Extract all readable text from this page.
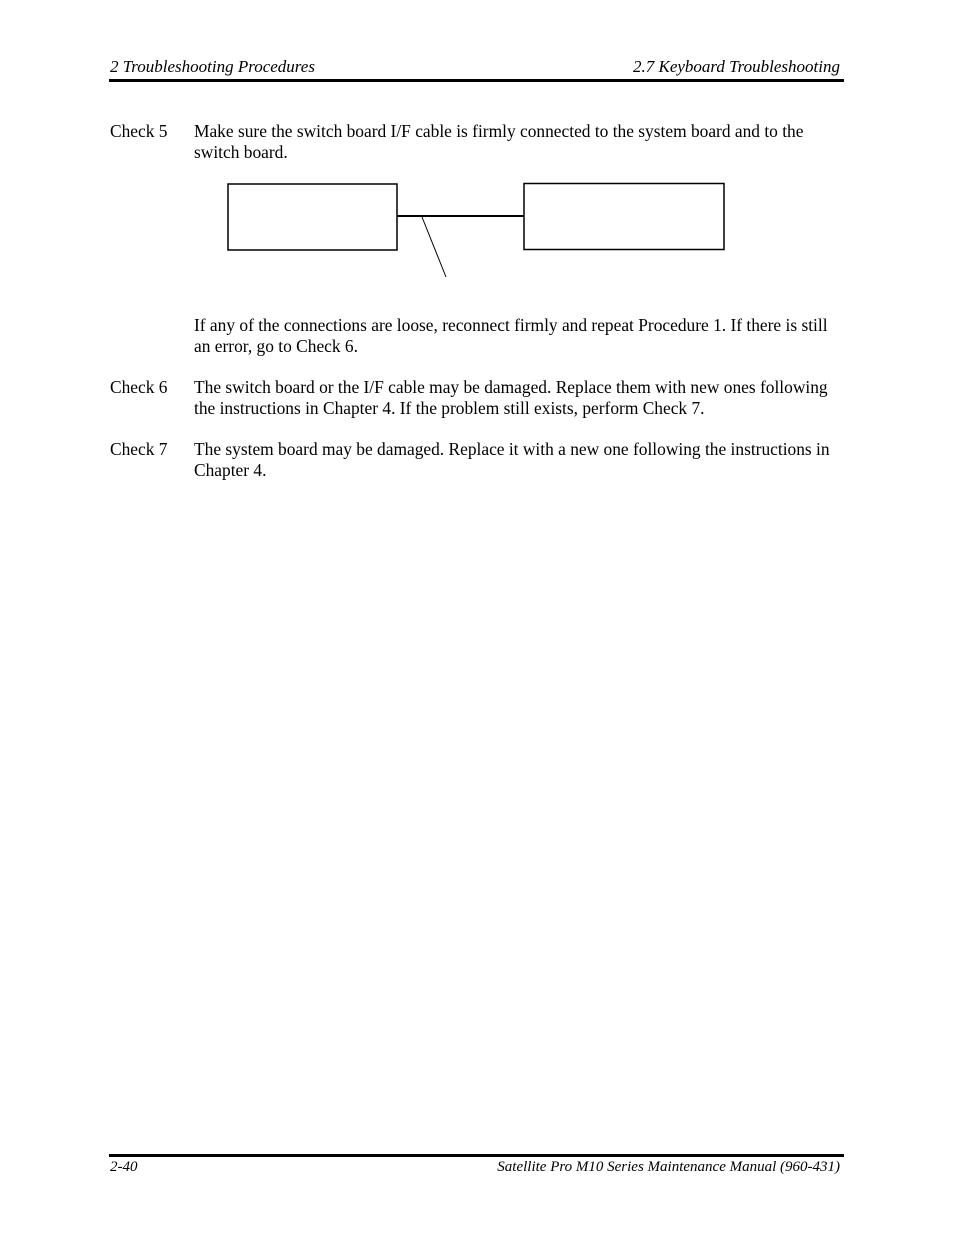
2 Troubleshooting Procedures	2.7 Keyboard Troubleshooting
Check 5 Make sure the switch board I/F cable is firmly connected to the system board and to the switch board.
If any of the connections are loose, reconnect firmly and repeat Procedure 1. If there is still an error, go to Check 6.
Check 6 The switch board or the I/F cable may be damaged. Replace them with new ones following the instructions in Chapter 4. If the problem still exists, perform Check 7.
Check 7 The system board may be damaged. Replace it with a new one following the instructions in Chapter 4.
2-40	Satellite Pro M10 Series Maintenance Manual (960-431)
